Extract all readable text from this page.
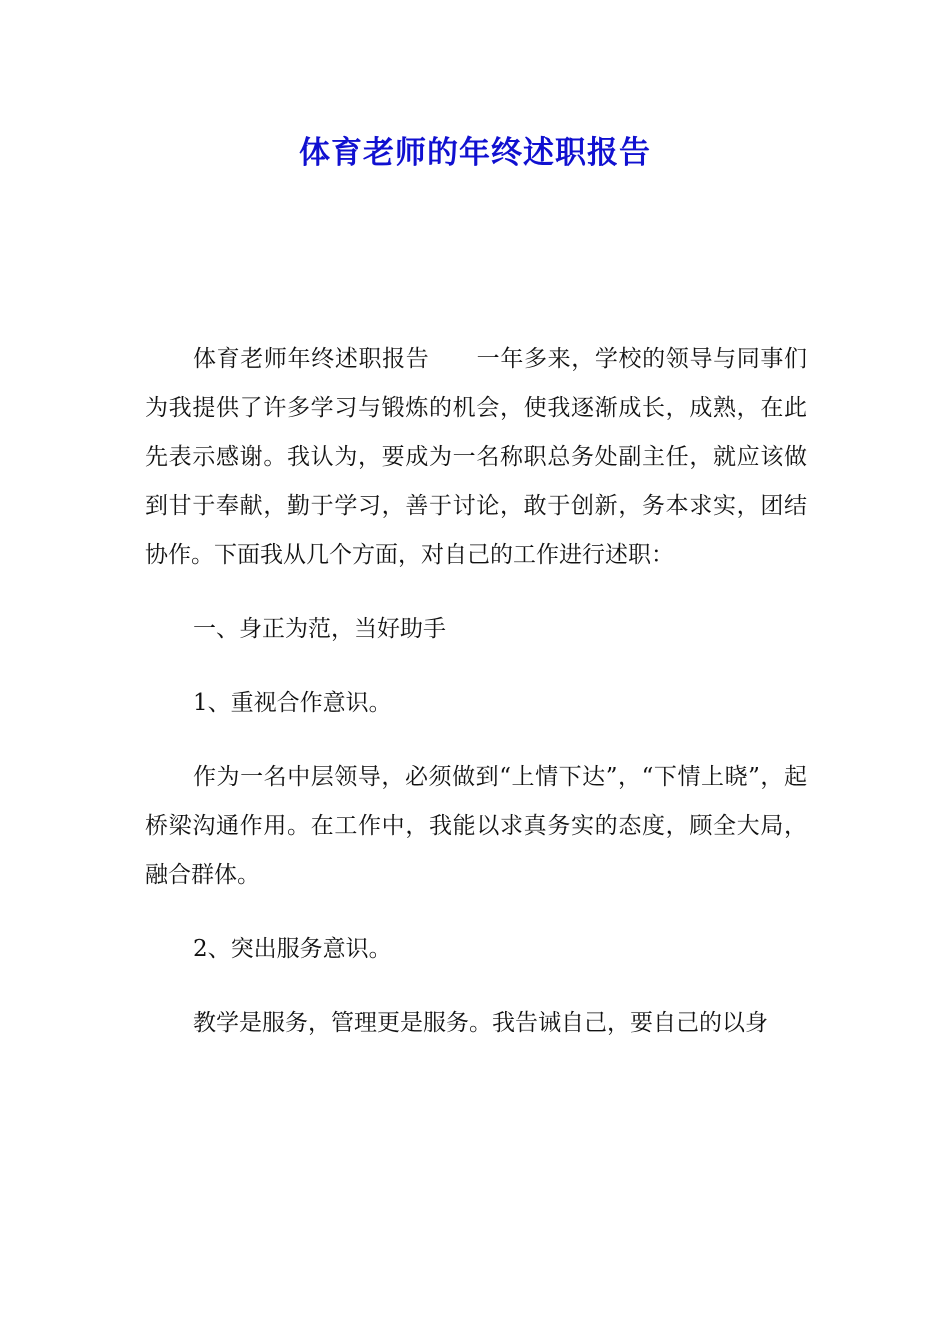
体育老师的年终述职报告

体育老师年终述职报告　　一年多来，学校的领导与同事们为我提供了许多学习与锻炼的机会，使我逐渐成长，成熟，在此先表示感谢。我认为，要成为一名称职总务处副主任，就应该做到甘于奉献，勤于学习，善于讨论，敢于创新，务本求实，团结协作。下面我从几个方面，对自己的工作进行述职：

一、身正为范，当好助手

1、重视合作意识。

作为一名中层领导，必须做到“上情下达”，“下情上晓”，起桥梁沟通作用。在工作中，我能以求真务实的态度，顾全大局，融合群体。

2、突出服务意识。

教学是服务，管理更是服务。我告诫自己，要自己的以身
